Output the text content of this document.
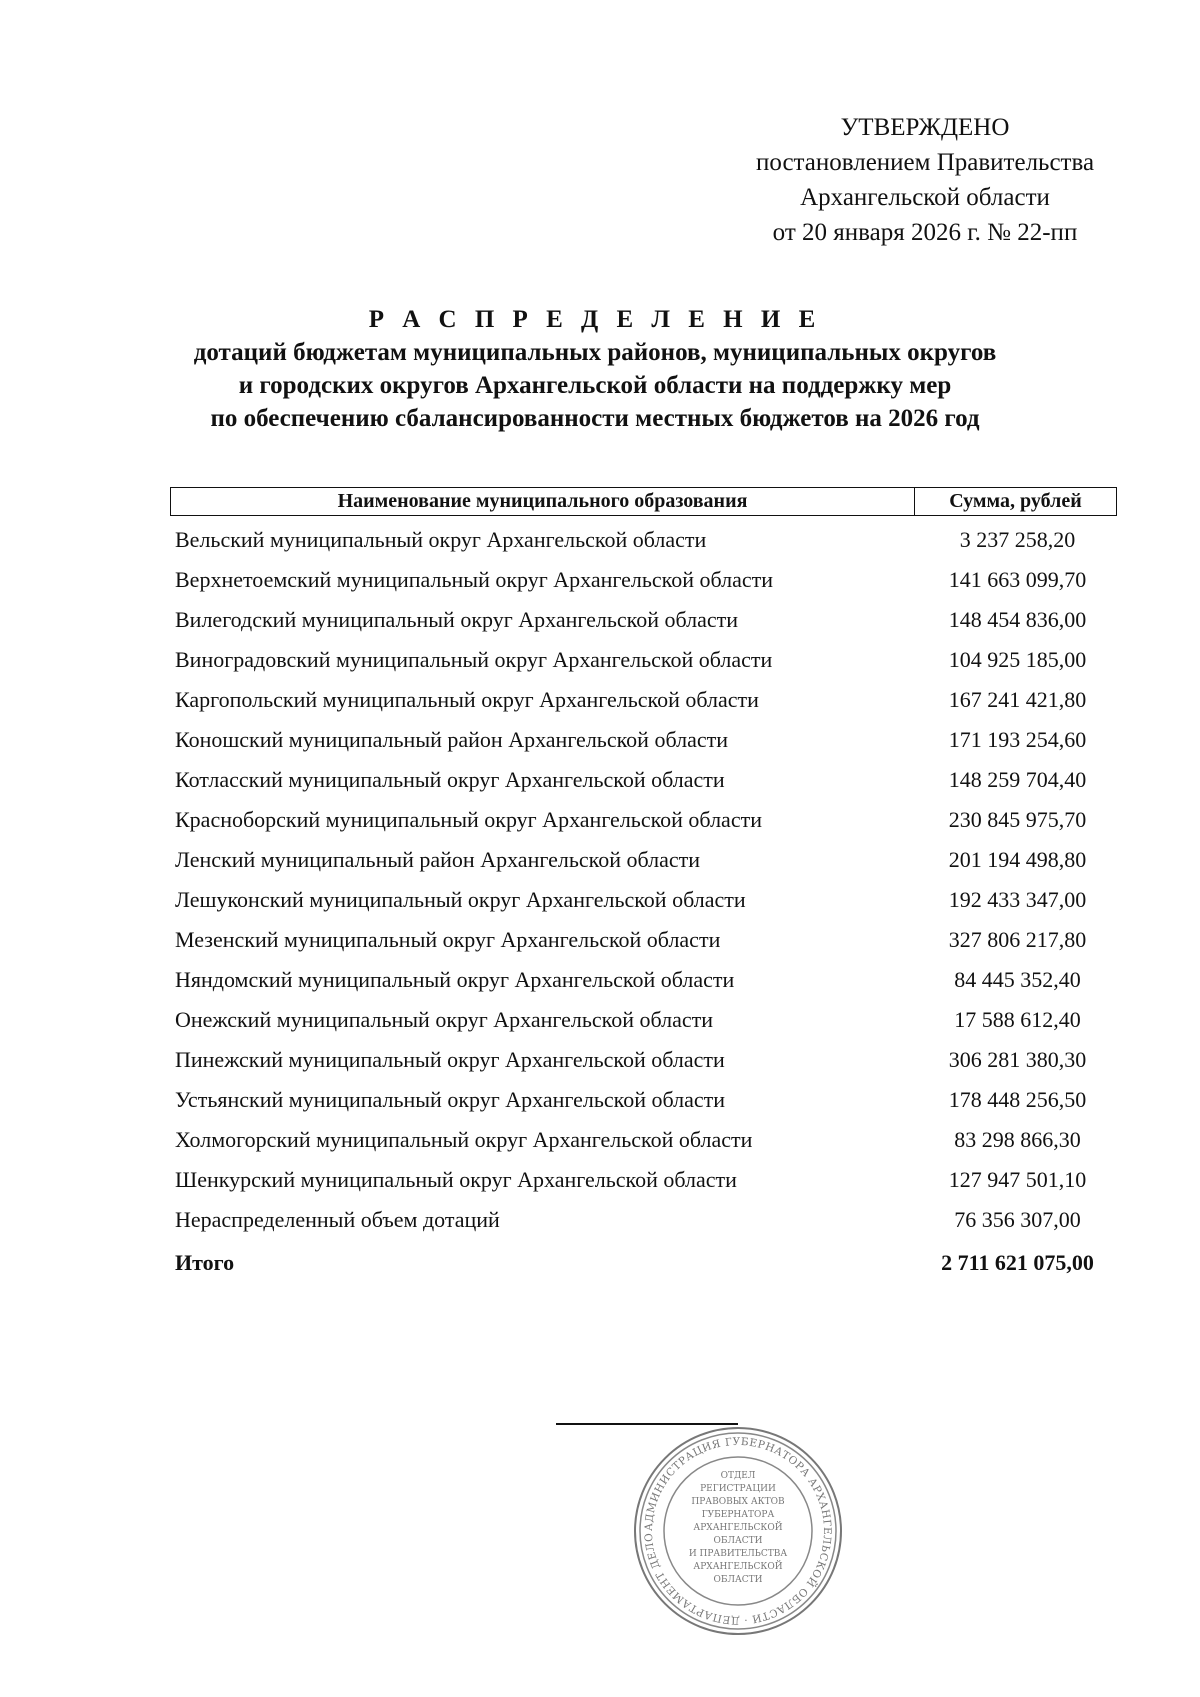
УТВЕРЖДЕНО
постановлением Правительства
Архангельской области
от 20 января 2026 г. № 22-пп
Р А С П Р Е Д Е Л Е Н И Е
дотаций бюджетам муниципальных районов, муниципальных округов
и городских округов Архангельской области на поддержку мер
по обеспечению сбалансированности местных бюджетов на 2026 год
Наименование муниципального образования	Сумма, рублей
Вельский муниципальный округ Архангельской области	3 237 258,20
Верхнетоемский муниципальный округ Архангельской области	141 663 099,70
Вилегодский муниципальный округ Архангельской области	148 454 836,00
Виноградовский муниципальный округ Архангельской области	104 925 185,00
Каргопольский муниципальный округ Архангельской области	167 241 421,80
Коношский муниципальный район Архангельской области	171 193 254,60
Котласский муниципальный округ Архангельской области	148 259 704,40
Красноборский муниципальный округ Архангельской области	230 845 975,70
Ленский муниципальный район Архангельской области	201 194 498,80
Лешуконский муниципальный округ Архангельской области	192 433 347,00
Мезенский муниципальный округ Архангельской области	327 806 217,80
Няндомский муниципальный округ Архангельской области	84 445 352,40
Онежский муниципальный округ Архангельской области	17 588 612,40
Пинежский муниципальный округ Архангельской области	306 281 380,30
Устьянский муниципальный округ Архангельской области	178 448 256,50
Холмогорский муниципальный округ Архангельской области	83 298 866,30
Шенкурский муниципальный округ Архангельской области	127 947 501,10
Нераспределенный объем дотаций	76 356 307,00
Итого	2 711 621 075,00
АДМИНИСТРАЦИЯ ГУБЕРНАТОРА АРХАНГЕЛЬСКОЙ ОБЛАСТИ · ДЕПАРТАМЕНТ ДЕЛО
ОТДЕЛ
РЕГИСТРАЦИИ
ПРАВОВЫХ АКТОВ
ГУБЕРНАТОРА
АРХАНГЕЛЬСКОЙ
ОБЛАСТИ
И ПРАВИТЕЛЬСТВА
АРХАНГЕЛЬСКОЙ
ОБЛАСТИ
